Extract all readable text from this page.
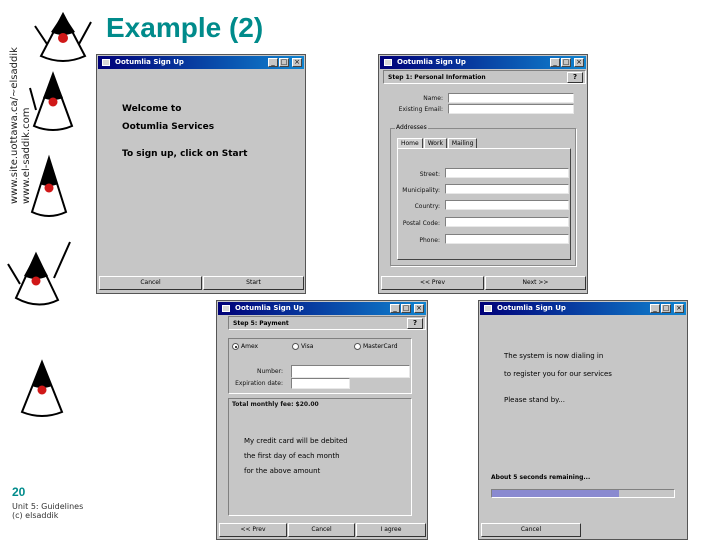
www.site.uottawa.ca/~elsaddik www.el-saddik.com
Example (2)
20
Unit 5: Guidelines
(c) elsaddik
Ootumlia Sign Up	_ □ ×
Welcome to
Ootumlia Services
To sign up, click on Start
Cancel	Start
Ootumlia Sign Up	_ □ ×
Step 1: Personal Information	?
Name:
Existing Email:
Addresses
Home	Work	Mailing
Street:
Municipality:
Country:
Postal Code:
Phone:
<< Prev	Next >>
Ootumlia Sign Up	_ □ ×
Step 5: Payment	?
Amex	Visa	MasterCard
Number:
Expiration date:
Total monthly fee: $20.00
My credit card will be debited
the first day of each month
for the above amount
<< Prev	Cancel	I agree
Ootumlia Sign Up	_ □ ×
The system is now dialing in
to register you for our services
Please stand by...
About 5 seconds remaining...
Cancel
